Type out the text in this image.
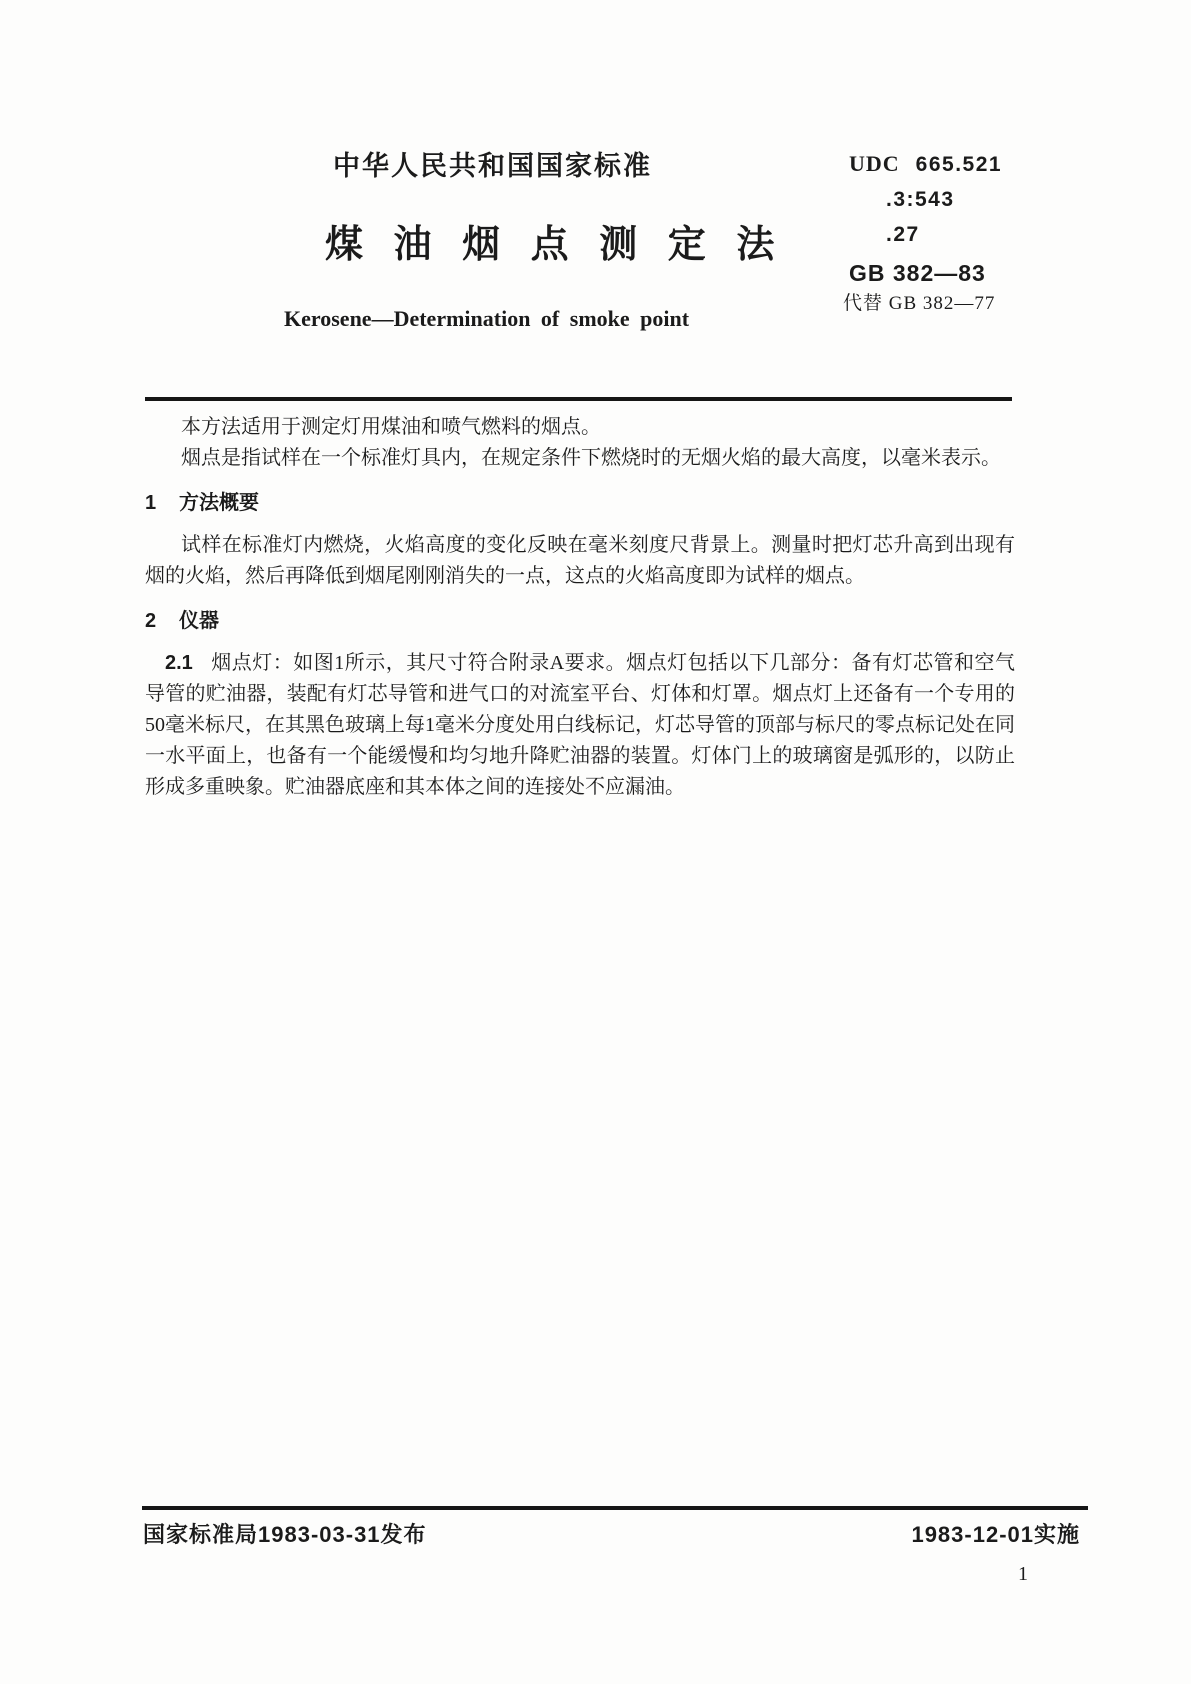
中华人民共和国国家标准	UDC 665.521
.3:543
.27
GB 382—83
煤 油 烟 点 测 定 法
代替 GB 382—77
Kerosene—Determination of smoke point

本方法适用于测定灯用煤油和喷气燃料的烟点。

烟点是指试样在一个标准灯具内，在规定条件下燃烧时的无烟火焰的最大高度，以毫米表示。

1 方法概要

试样在标准灯内燃烧，火焰高度的变化反映在毫米刻度尺背景上。测量时把灯芯升高到出现有烟的火焰，然后再降低到烟尾刚刚消失的一点，这点的火焰高度即为试样的烟点。

2 仪器

2.1 烟点灯：如图1所示，其尺寸符合附录A要求。烟点灯包括以下几部分：备有灯芯管和空气导管的贮油器，装配有灯芯导管和进气口的对流室平台、灯体和灯罩。烟点灯上还备有一个专用的50毫米标尺，在其黑色玻璃上每1毫米分度处用白线标记，灯芯导管的顶部与标尺的零点标记处在同一水平面上，也备有一个能缓慢和均匀地升降贮油器的装置。灯体门上的玻璃窗是弧形的，以防止形成多重映象。贮油器底座和其本体之间的连接处不应漏油。

国家标准局1983-03-31发布	1983-12-01实施
1
